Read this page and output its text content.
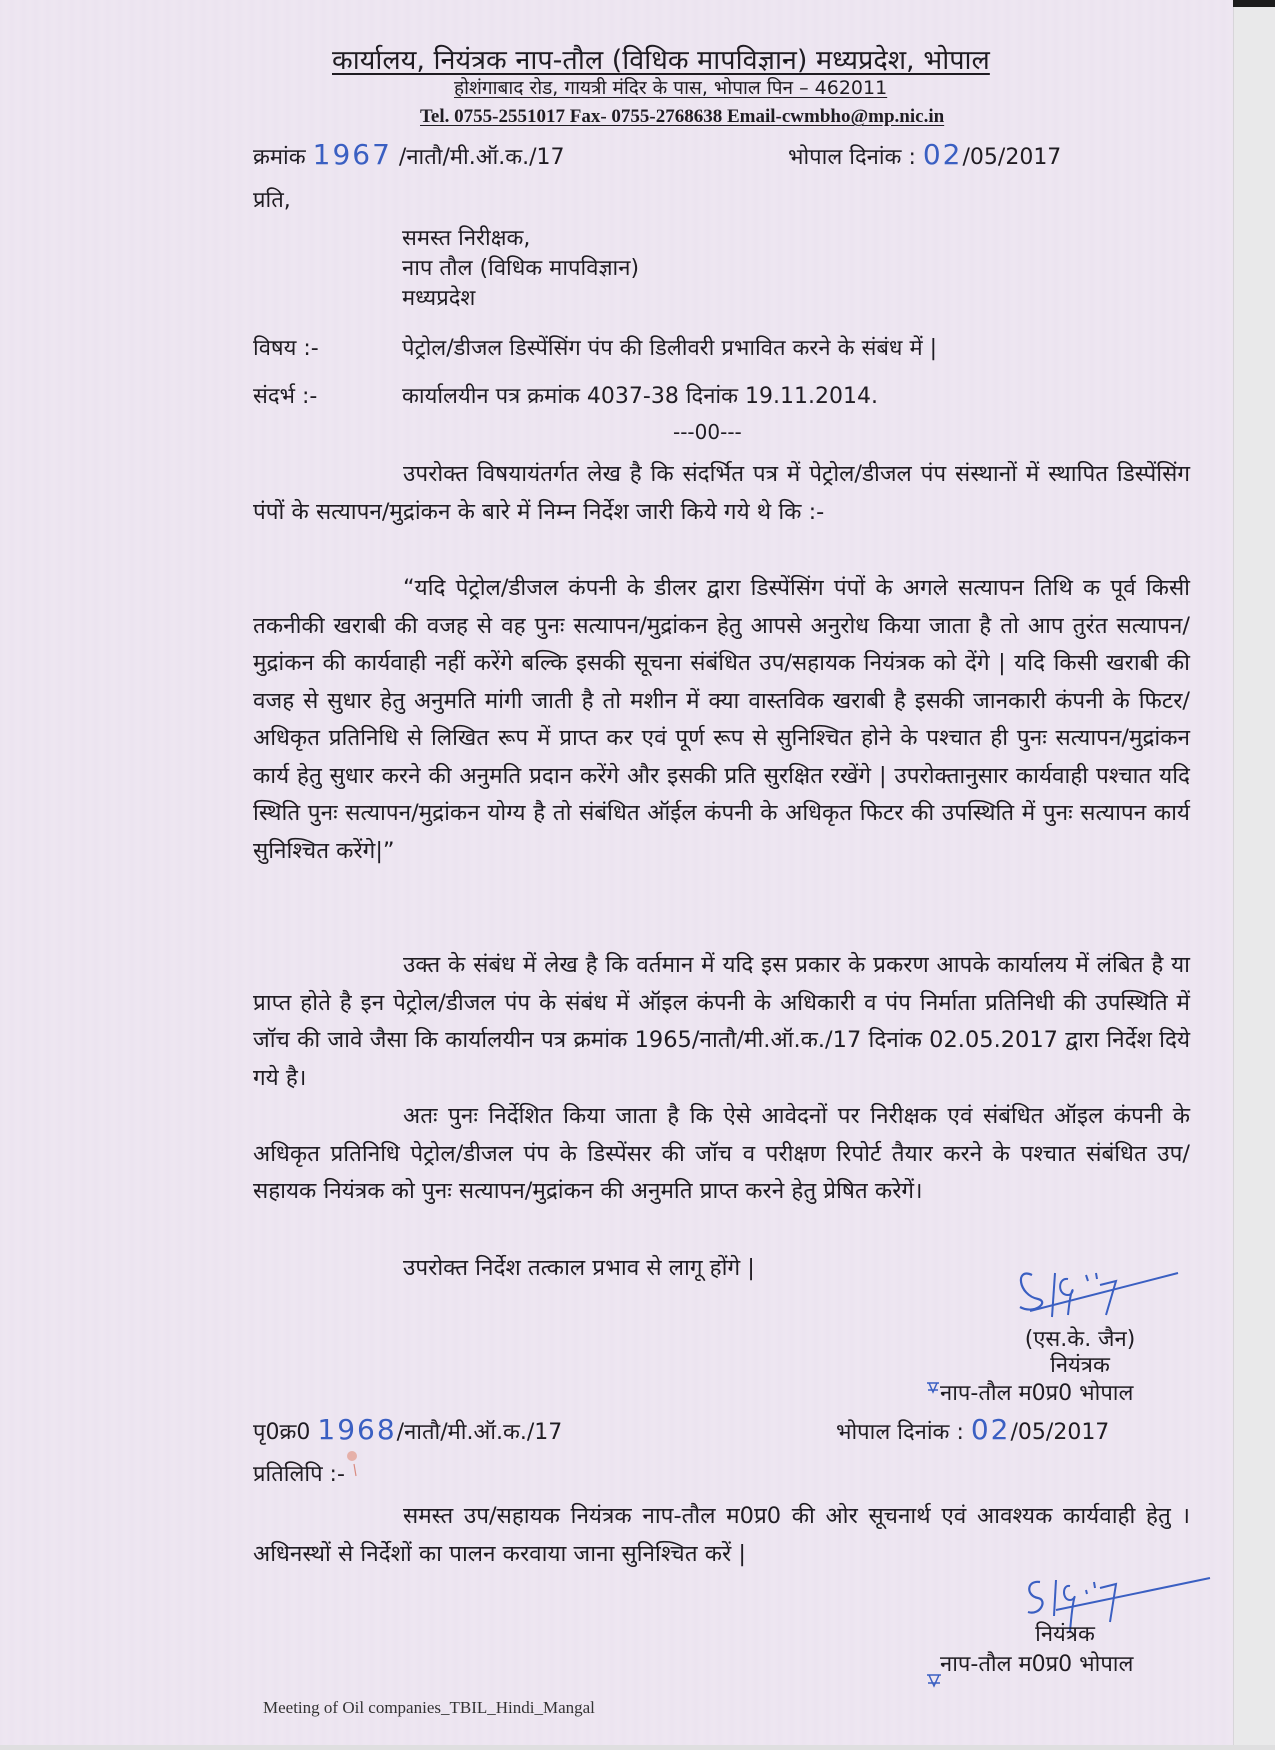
कार्यालय, नियंत्रक नाप-तौल (विधिक मापविज्ञान) मध्यप्रदेश, भोपाल
होशंगाबाद रोड, गायत्री मंदिर के पास, भोपाल पिन – 462011
Tel. 0755-2551017 Fax- 0755-2768638 Email-cwmbho@mp.nic.in
क्रमांक 1967 /नातौ/मी.ऑ.क./17	भोपाल दिनांक : 02/05/2017
प्रति,
समस्त निरीक्षक,
नाप तौल (विधिक मापविज्ञान)
मध्यप्रदेश
विषय :-	पेट्रोल/डीजल डिस्पेंसिंग पंप की डिलीवरी प्रभावित करने के संबंध में |
संदर्भ :-	कार्यालयीन पत्र क्रमांक 4037-38 दिनांक 19.11.2014.
---00---
उपरोक्त विषयायंतर्गत लेख है कि संदर्भित पत्र में पेट्रोल/डीजल पंप संस्थानों में स्थापित डिस्पेंसिंग पंपों के सत्यापन/मुद्रांकन के बारे में निम्न निर्देश जारी किये गये थे कि :-
“यदि पेट्रोल/डीजल कंपनी के डीलर द्वारा डिस्पेंसिंग पंपों के अगले सत्यापन तिथि क पूर्व किसी तकनीकी खराबी की वजह से वह पुनः सत्यापन/मुद्रांकन हेतु आपसे अनुरोध किया जाता है तो आप तुरंत सत्यापन/मुद्रांकन की कार्यवाही नहीं करेंगे बल्कि इसकी सूचना संबंधित उप/सहायक नियंत्रक को देंगे | यदि किसी खराबी की वजह से सुधार हेतु अनुमति मांगी जाती है तो मशीन में क्या वास्तविक खराबी है इसकी जानकारी कंपनी के फिटर/अधिकृत प्रतिनिधि से लिखित रूप में प्राप्त कर एवं पूर्ण रूप से सुनिश्चित होने के पश्चात ही पुनः सत्यापन/मुद्रांकन कार्य हेतु सुधार करने की अनुमति प्रदान करेंगे और इसकी प्रति सुरक्षित रखेंगे | उपरोक्तानुसार कार्यवाही पश्चात यदि स्थिति पुनः सत्यापन/मुद्रांकन योग्य है तो संबंधित ऑईल कंपनी के अधिकृत फिटर की उपस्थिति में पुनः सत्यापन कार्य सुनिश्चित करेंगे|”
उक्त के संबंध में लेख है कि वर्तमान में यदि इस प्रकार के प्रकरण आपके कार्यालय में लंबित है या प्राप्त होते है इन पेट्रोल/डीजल पंप के संबंध में ऑइल कंपनी के अधिकारी व पंप निर्माता प्रतिनिधी की उपस्थिति में जॉच की जावे जैसा कि कार्यालयीन पत्र क्रमांक 1965/नातौ/मी.ऑ.क./17 दिनांक 02.05.2017 द्वारा निर्देश दिये गये है।
अतः पुनः निर्देशित किया जाता है कि ऐसे आवेदनों पर निरीक्षक एवं संबंधित ऑइल कंपनी के अधिकृत प्रतिनिधि पेट्रोल/डीजल पंप के डिस्पेंसर की जॉच व परीक्षण रिपोर्ट तैयार करने के पश्चात संबंधित उप/सहायक नियंत्रक को पुनः सत्यापन/मुद्रांकन की अनुमति प्राप्त करने हेतु प्रेषित करेगें।
उपरोक्त निर्देश तत्काल प्रभाव से लागू होंगे |
(एस.के. जैन)
नियंत्रक
नाप-तौल म0प्र0 भोपाल
पृ0क्र0 1968/नातौ/मी.ऑ.क./17	भोपाल दिनांक : 02/05/2017
प्रतिलिपि :-
समस्त उप/सहायक नियंत्रक नाप-तौल म0प्र0 की ओर सूचनार्थ एवं आवश्यक कार्यवाही हेतु । अधिनस्थों से निर्देशों का पालन करवाया जाना सुनिश्चित करें |
नियंत्रक
नाप-तौल म0प्र0 भोपाल
Meeting of Oil companies_TBIL_Hindi_Mangal
